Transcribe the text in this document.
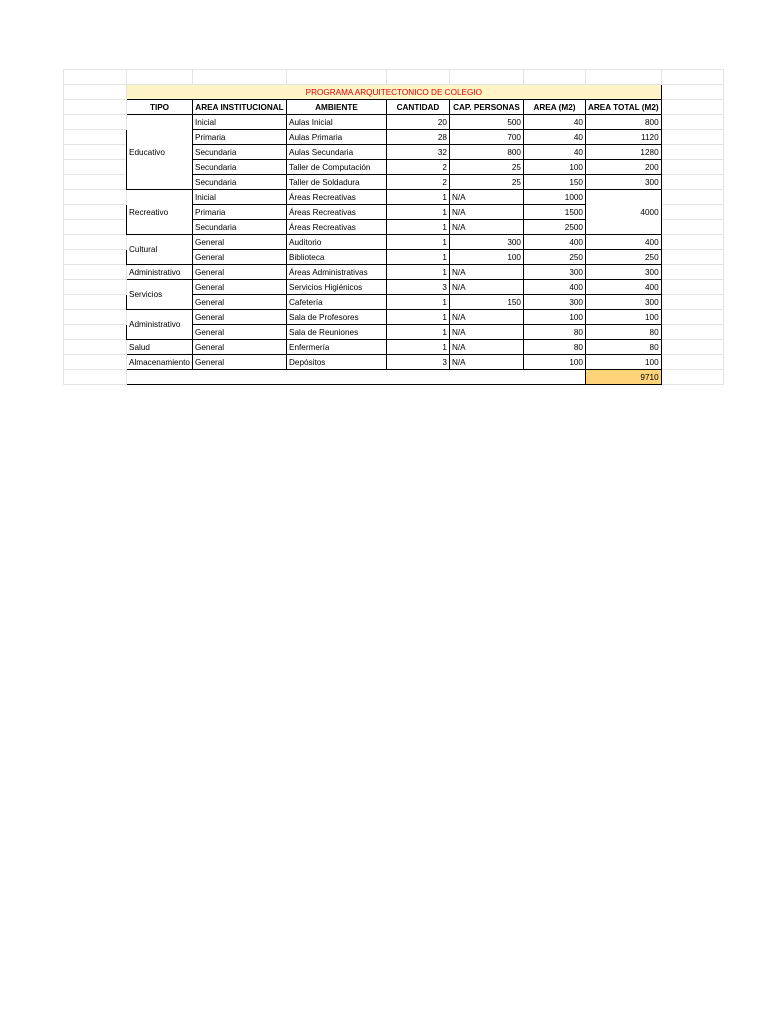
	PROGRAMA ARQUITECTONICO DE COLEGIO							
	TIPO	AREA INSTITUCIONAL	AMBIENTE	CANTIDAD	CAP. PERSONAS	AREA (M2)	AREA TOTAL (M2)	
	Educativo	Inicial	Aulas Inicial	20	500	40	800	
		Primaria	Aulas Primaria	28	700	40	1120	
		Secundaria	Aulas Secundaria	32	800	40	1280	
		Secundaria	Taller de Computación	2	25	100	200	
		Secundaria	Taller de Soldadura	2	25	150	300	
	Recreativo	Inicial	Áreas Recreativas	1	N/A	1000	4000	
		Primaria	Áreas Recreativas	1	N/A	1500		
		Secundaria	Áreas Recreativas	1	N/A	2500		
	Cultural	General	Auditorio	1	300	400	400	
		General	Biblioteca	1	100	250	250	
	Administrativo	General	Áreas Administrativas	1	N/A	300	300	
	Servicios	General	Servicios Higiénicos	3	N/A	400	400	
		General	Cafetería	1	150	300	300	
	Administrativo	General	Sala de Profesores	1	N/A	100	100	
		General	Sala de Reuniones	1	N/A	80	80	
	Salud	General	Enfermería	1	N/A	80	80	
	Almacenamiento	General	Depósitos	3	N/A	100	100	
							9710	
